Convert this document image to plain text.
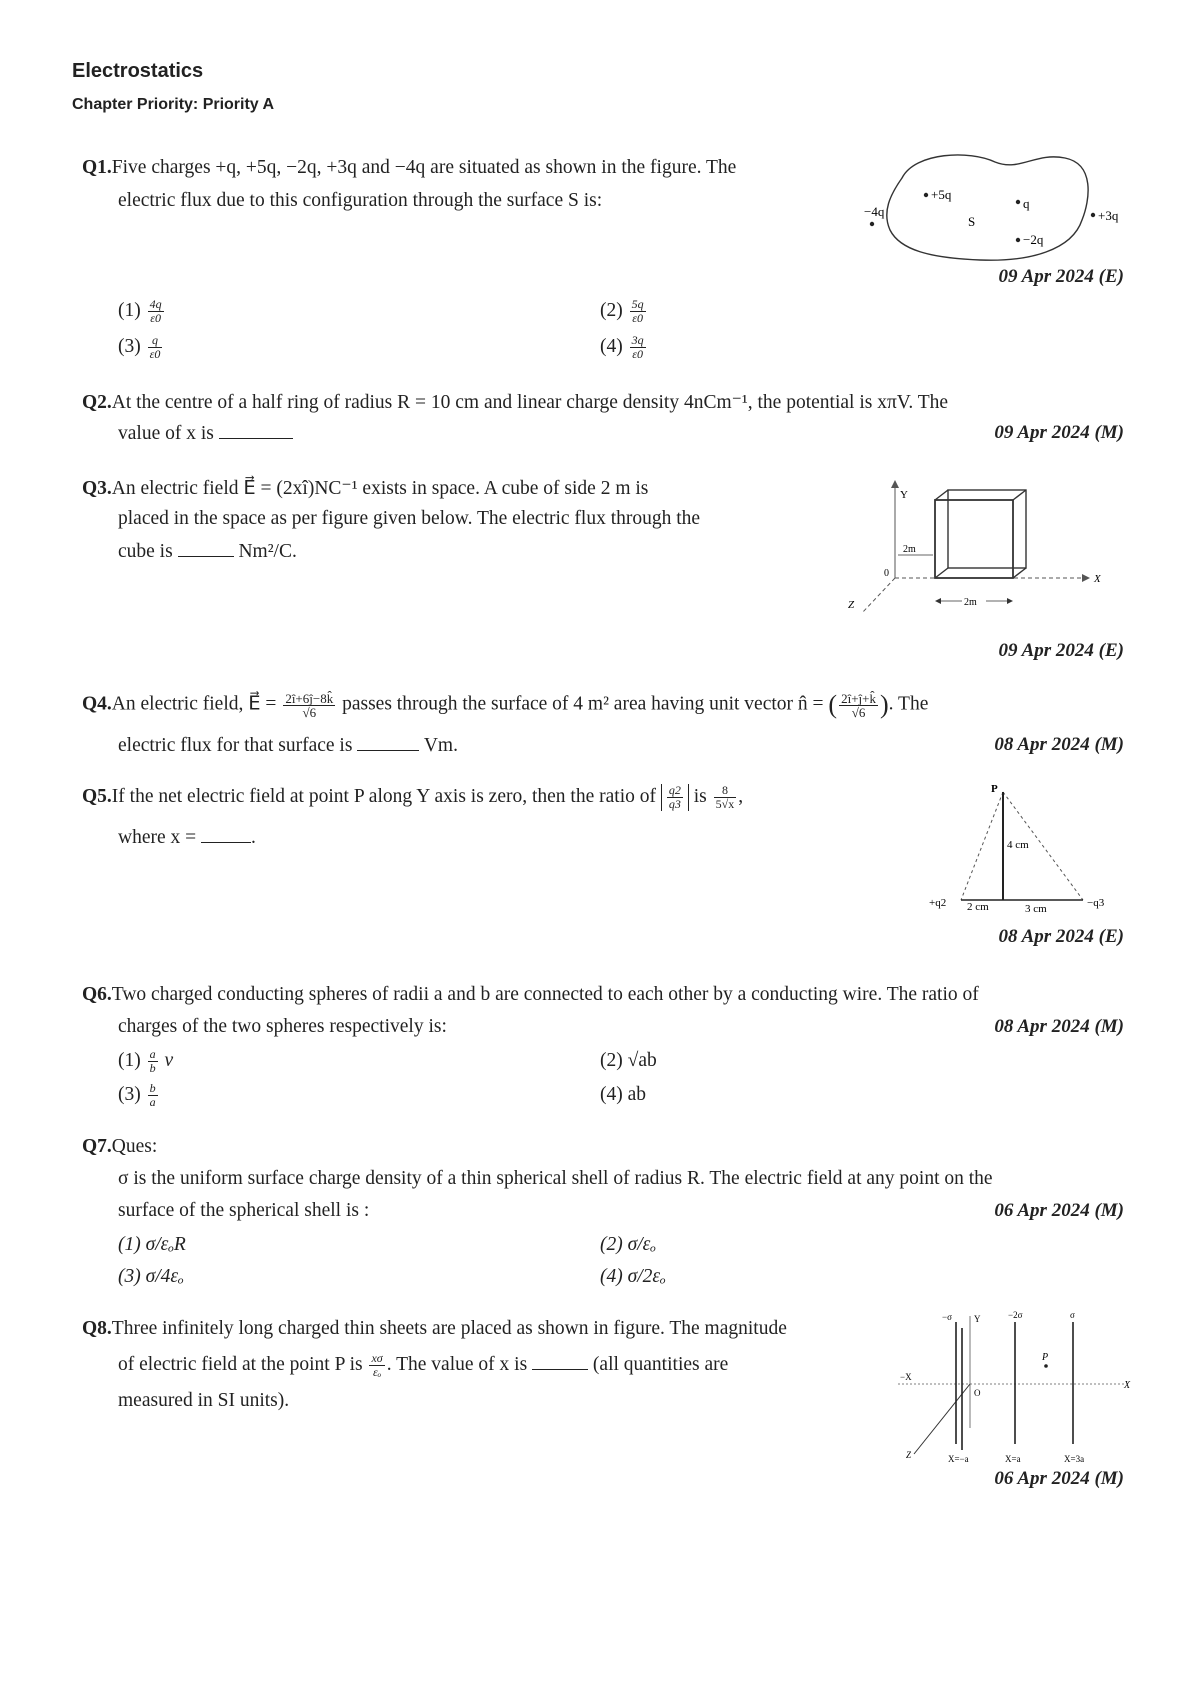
Electrostatics
Chapter Priority: Priority A
Q1.Five charges +q, +5q, −2q, +3q and −4q are situated as shown in the figure. The
electric flux due to this configuration through the surface S is:
−4q
+5q
S
q
−2q
+3q
09 Apr 2024 (E)
$(1) \frac{4q}{\varepsilon 0}$	$(2) \frac{5q}{\varepsilon 0}$
$(3) \frac{q}{\varepsilon 0}$	$(4) \frac{3q}{\varepsilon 0}$
Q2.At the centre of a half ring of radius R = 10 cm and linear charge density 4nCm⁻¹, the potential is xπV. The
value of x is	09 Apr 2024 (M)
Q3.An electric field E⃗ = (2xî)NC⁻¹ exists in space. A cube of side 2 m is
placed in the space as per figure given below. The electric flux through the
cube is	Nm²/C.
Y
X
Z
0
2m
2m
09 Apr 2024 (E)
Q4.An electric field, E⃗ = $\frac{2î+6ĵ-8k̂}{√6}$ passes through the surface of 4 m² area having unit vector n̂ = ( $\frac{2î+ĵ+k̂}{√6}$ ). The
electric flux for that surface is	Vm.	08 Apr 2024 (M)
Q5.If the net electric field at point P along Y axis is zero, then the ratio of $\frac{q2}{q3}$ is $\frac{8}{5√x}$ ,
where x =	.
P
4 cm
+q2 2 cm	3 cm	−q3
08 Apr 2024 (E)
Q6.Two charged conducting spheres of radii a and b are connected to each other by a conducting wire. The ratio of
charges of the two spheres respectively is:	08 Apr 2024 (M)
$(1) \frac{a}{b}$ v	(2) √ab
$(3) \frac{b}{a}$	(4) ab
Q7.Ques:
σ is the uniform surface charge density of a thin spherical shell of radius R. The electric field at any point on the
surface of the spherical shell is :	06 Apr 2024 (M)
(1) σ/εₒR	(2) σ/εₒ
(3) σ/4εₒ	(4) σ/2εₒ
Q8.Three infinitely long charged thin sheets are placed as shown in figure. The magnitude
of electric field at the point P is $\frac{x\sigma}{\text{εₒ}}$ . The value of x is	(all quantities are
measured in SI units).
−X
X
Y
Z
O
−σ	−2σ	σ
P
X=−a	X=a	X=3a
06 Apr 2024 (M)
